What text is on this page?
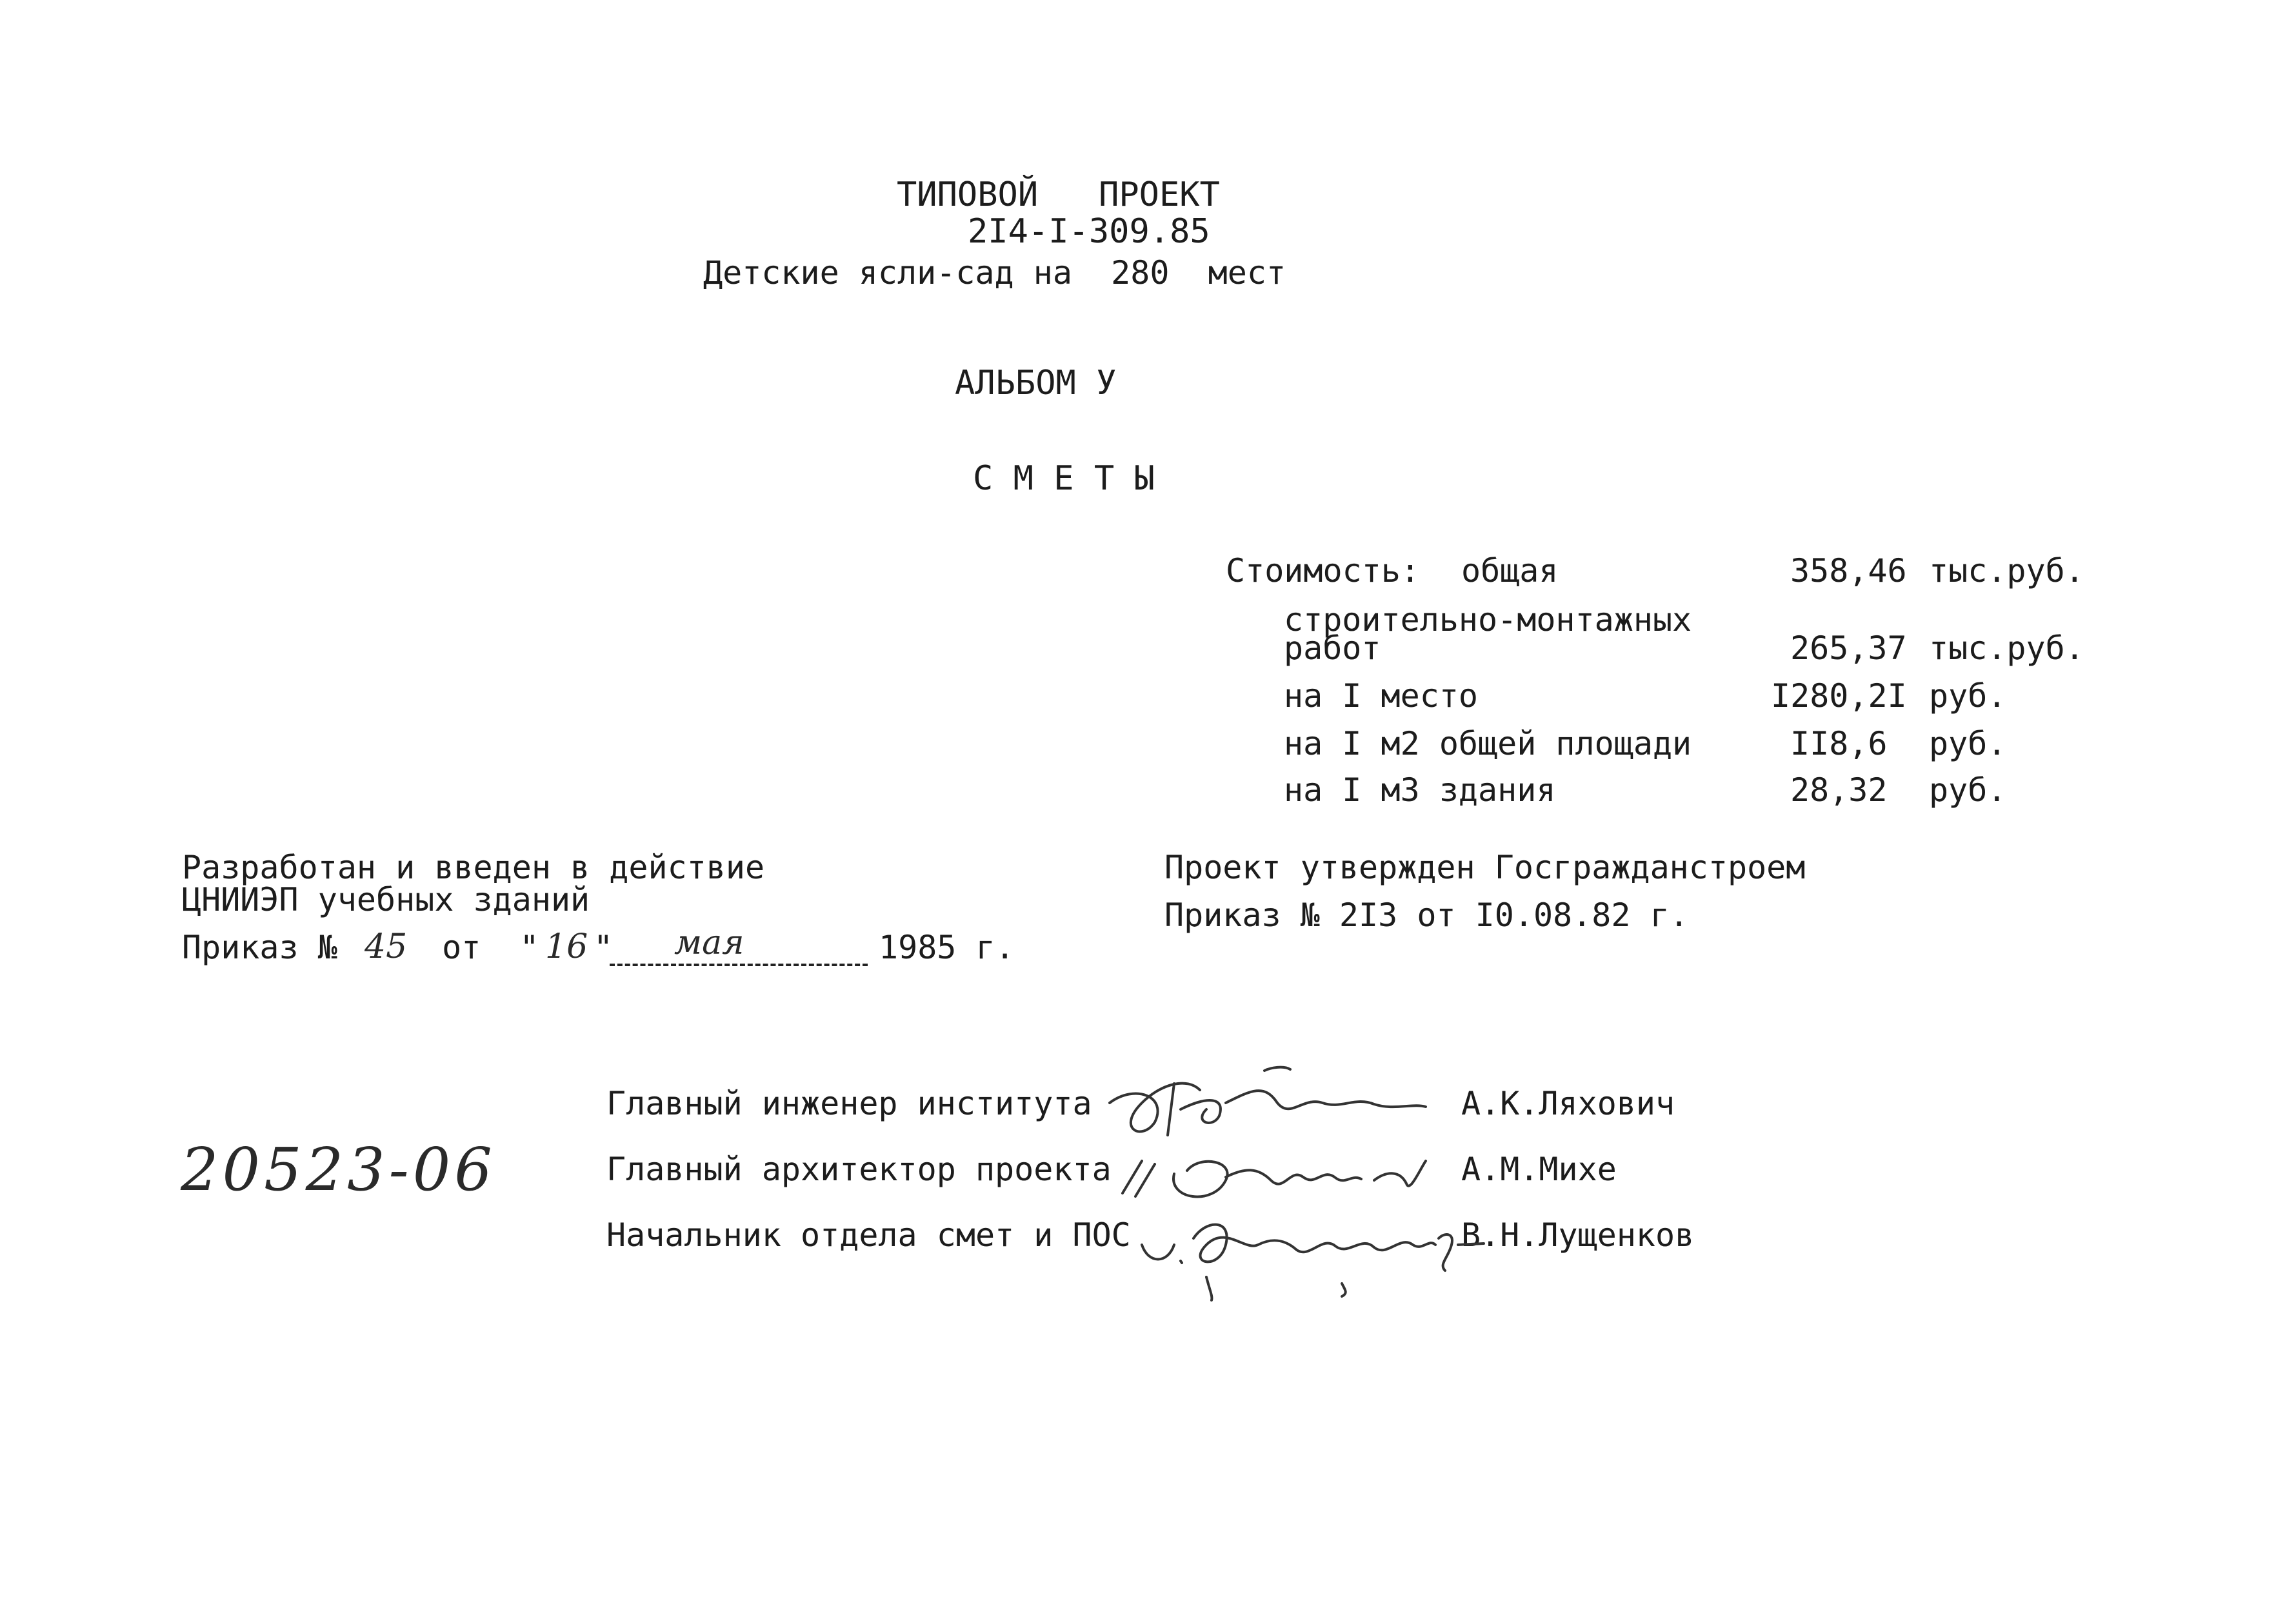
ТИПОВОЙ   ПРОЕКТ
2I4-I-309.85
Детские ясли-сад на  280  мест
АЛЬБОМ У
С М Е Т Ы
Стоимость: общая	358,46 тыс.руб.
строительно-монтажных
работ	265,37 тыс.руб.
на I место	I280,2I руб.
на I м2 общей площади	II8,6 руб.
на I м3 здания	28,32 руб.
Разработан и введен в действие
ЦНИИЭП учебных зданий
Приказ № 45 от  " 16 " мая	1985 г.
Проект утвержден Госгражданстроем
Приказ № 2I3 от I0.08.82 г.
20523-06
Главный инженер института	А.К.Ляхович
Главный архитектор проекта	А.М.Михе
Начальник отдела смет и ПОС	В.Н.Лущенков
